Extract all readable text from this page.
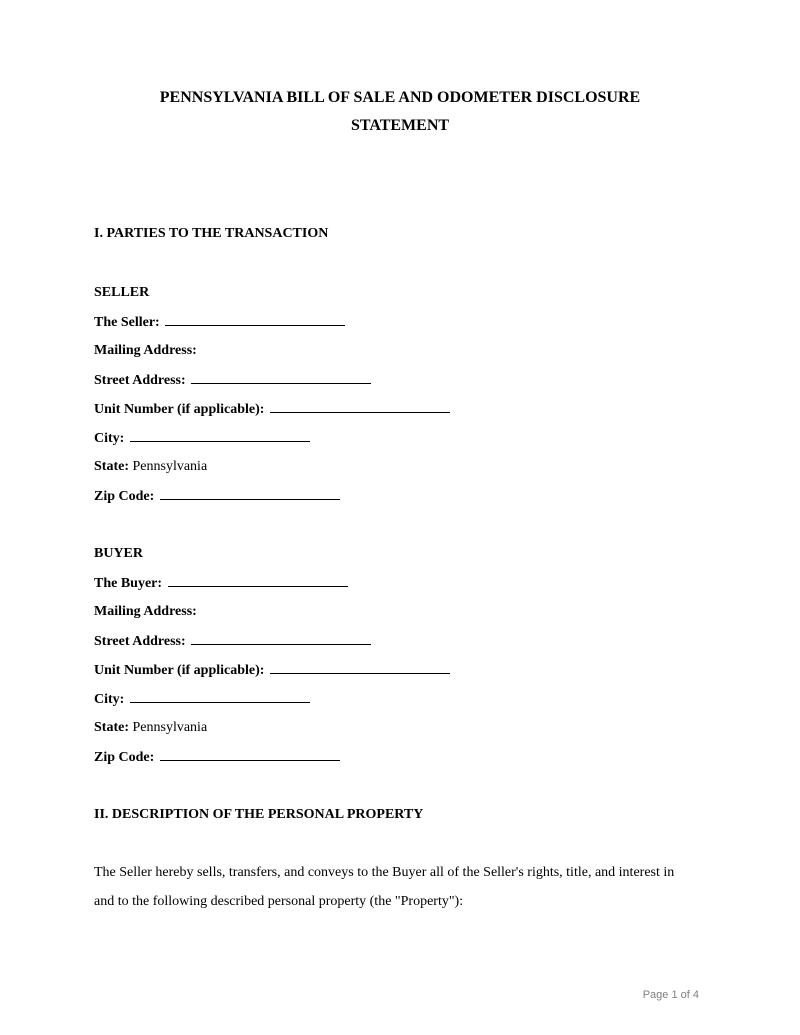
PENNSYLVANIA BILL OF SALE AND ODOMETER DISCLOSURE
STATEMENT
I. PARTIES TO THE TRANSACTION
SELLER
The Seller:
Mailing Address:
Street Address:
Unit Number (if applicable):
City:
State: Pennsylvania
Zip Code:
BUYER
The Buyer:
Mailing Address:
Street Address:
Unit Number (if applicable):
City:
State: Pennsylvania
Zip Code:
II. DESCRIPTION OF THE PERSONAL PROPERTY
The Seller hereby sells, transfers, and conveys to the Buyer all of the Seller's rights, title, and interest in
and to the following described personal property (the "Property"):
Page 1 of 4
